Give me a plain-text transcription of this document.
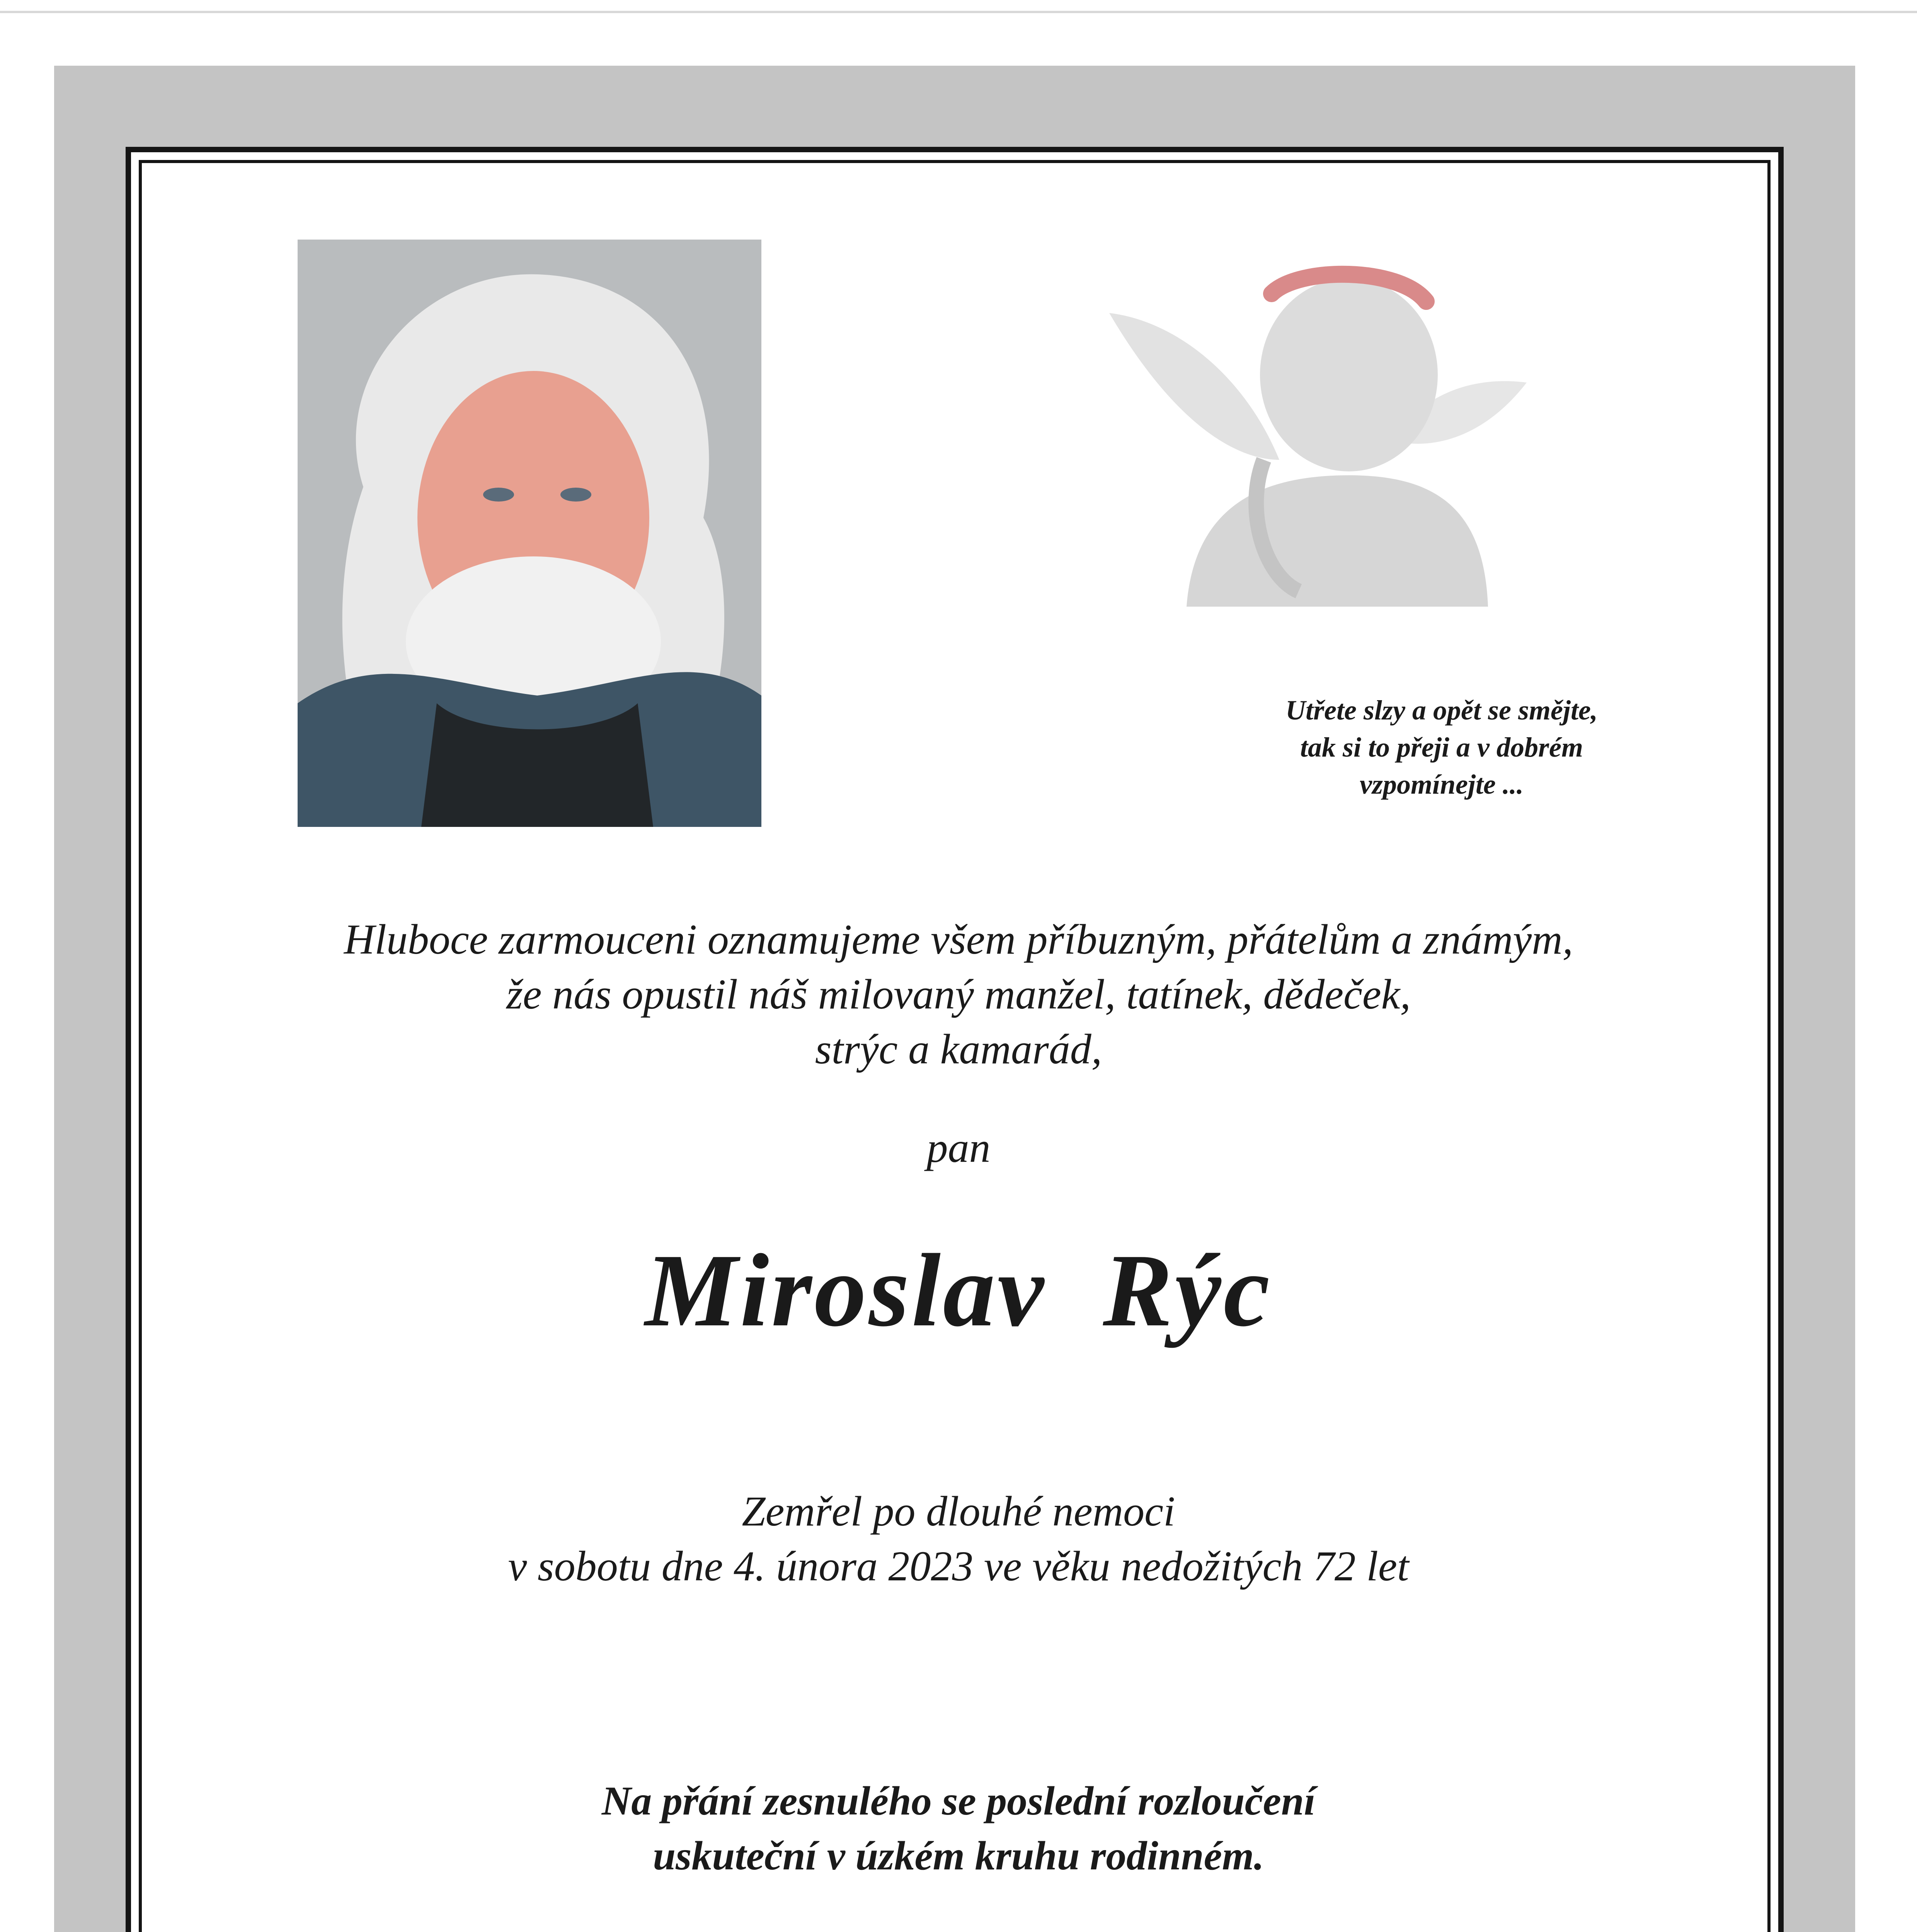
Utřete slzy a opět se smějte,
tak si to přeji a v dobrém
vzpomínejte ...
Hluboce zarmouceni oznamujeme všem příbuzným, přátelům a známým,
že nás opustil náš milovaný manžel, tatínek, dědeček,
strýc a kamarád,
pan
Miroslav  Rýc
Zemřel po dlouhé nemoci
v sobotu dne 4. února 2023 ve věku nedožitých 72 let
Na přání zesnulého se poslední rozloučení
uskuteční v úzkém kruhu rodinném.
